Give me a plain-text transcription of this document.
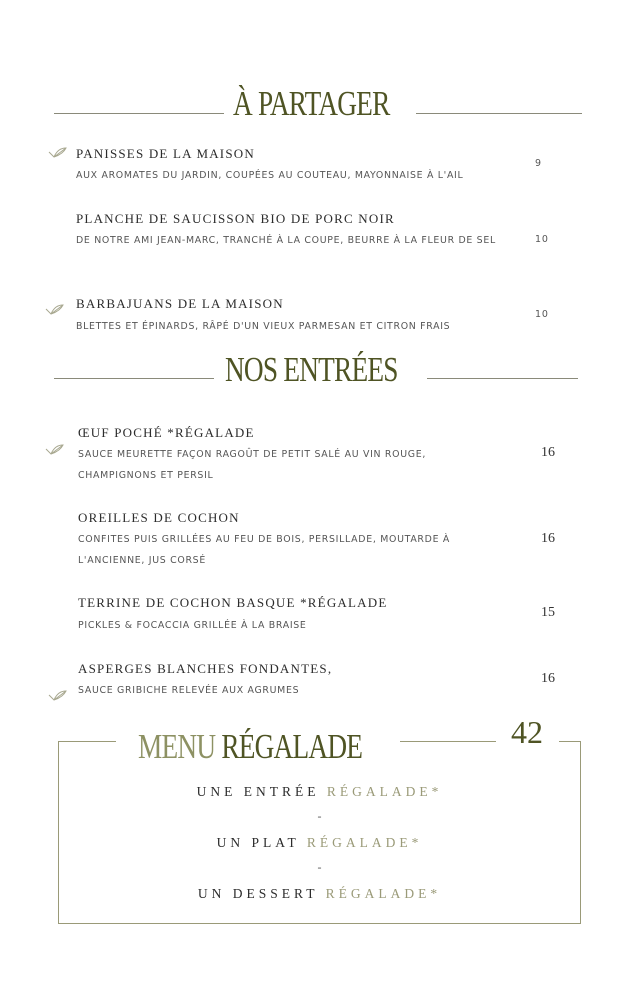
À PARTAGER
PANISSES DE LA MAISON
AUX AROMATES DU JARDIN, COUPÉES AU COUTEAU, MAYONNAISE À L'AIL
9
PLANCHE DE SAUCISSON BIO DE PORC NOIR
DE NOTRE AMI JEAN-MARC, TRANCHÉ À LA COUPE, BEURRE À LA FLEUR DE SEL	10
BARBAJUANS DE LA MAISON
BLETTES ET ÉPINARDS, RÂPÉ D'UN VIEUX PARMESAN ET CITRON FRAIS
10
NOS ENTRÉES
ŒUF POCHÉ *RÉGALADE
SAUCE MEURETTE FAÇON RAGOÛT DE PETIT SALÉ AU VIN ROUGE, CHAMPIGNONS ET PERSIL
16
OREILLES DE COCHON
CONFITES PUIS GRILLÉES AU FEU DE BOIS, PERSILLADE, MOUTARDE À L'ANCIENNE, JUS CORSÉ
16
TERRINE DE COCHON BASQUE *RÉGALADE
PICKLES & FOCACCIA GRILLÉE À LA BRAISE
15
ASPERGES BLANCHES FONDANTES,
SAUCE GRIBICHE RELEVÉE AUX AGRUMES
16
MENU RÉGALADE	42
UNE ENTRÉE RÉGALADE*
-
UN PLAT RÉGALADE*
-
UN DESSERT RÉGALADE*
